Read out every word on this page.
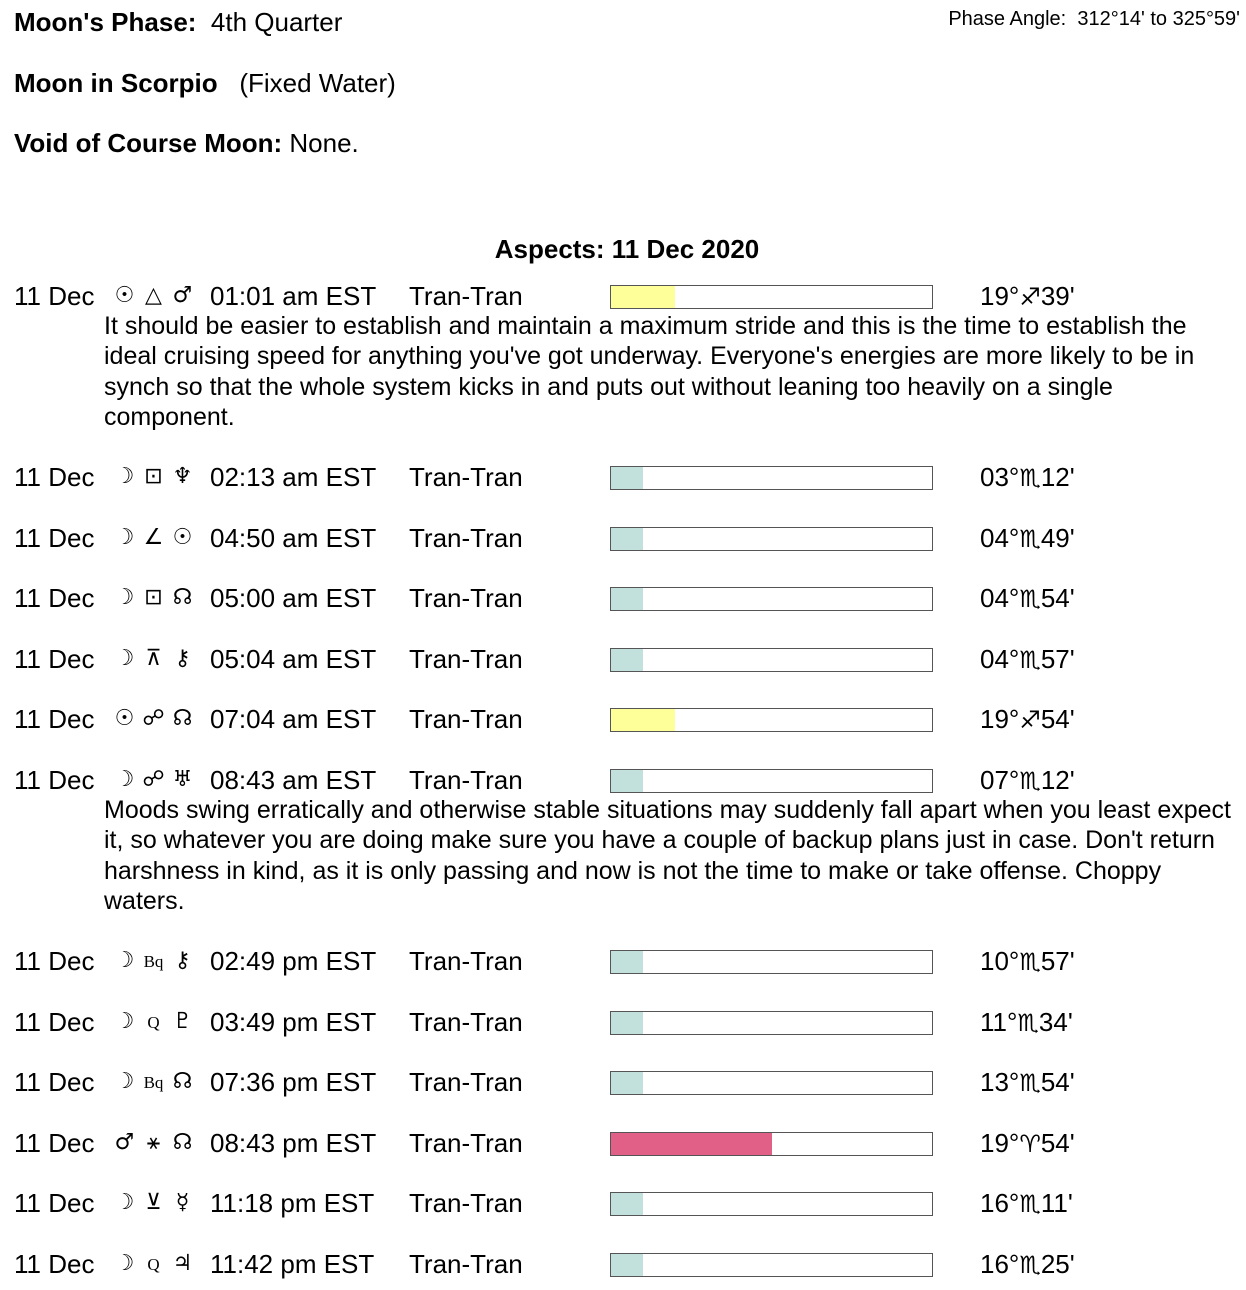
Moon's Phase: 4th Quarter	Phase Angle: 312°14' to 325°59'
Moon in Scorpio (Fixed Water)
Void of Course Moon: None.
Aspects: 11 Dec 2020
11 Dec ☉ △ ♂ 01:01 am EST Tran-Tran	19°♐39'
It should be easier to establish and maintain a maximum stride and this is the time to establish the ideal cruising speed for anything you've got underway. Everyone's energies are more likely to be in synch so that the whole system kicks in and puts out without leaning too heavily on a single component.
11 Dec ☽ ⊡ ♆ 02:13 am EST Tran-Tran	03°♏12'
11 Dec ☽ ∠ ☉ 04:50 am EST Tran-Tran	04°♏49'
11 Dec ☽ ⊡ ☊ 05:00 am EST Tran-Tran	04°♏54'
11 Dec ☽ ⊼ ⚷ 05:04 am EST Tran-Tran	04°♏57'
11 Dec ☉ ☍ ☊ 07:04 am EST Tran-Tran	19°♐54'
11 Dec ☽ ☍ ♅ 08:43 am EST Tran-Tran	07°♏12'
Moods swing erratically and otherwise stable situations may suddenly fall apart when you least expect it, so whatever you are doing make sure you have a couple of backup plans just in case. Don't return harshness in kind, as it is only passing and now is not the time to make or take offense. Choppy waters.
11 Dec ☽ Bq ⚷ 02:49 pm EST Tran-Tran	10°♏57'
11 Dec ☽ Q ♇ 03:49 pm EST Tran-Tran	11°♏34'
11 Dec ☽ Bq ☊ 07:36 pm EST Tran-Tran	13°♏54'
11 Dec ♂ ⚹ ☊ 08:43 pm EST Tran-Tran	19°♈54'
11 Dec ☽ ⊻ ☿ 11:18 pm EST Tran-Tran	16°♏11'
11 Dec ☽ Q ♃ 11:42 pm EST Tran-Tran	16°♏25'
